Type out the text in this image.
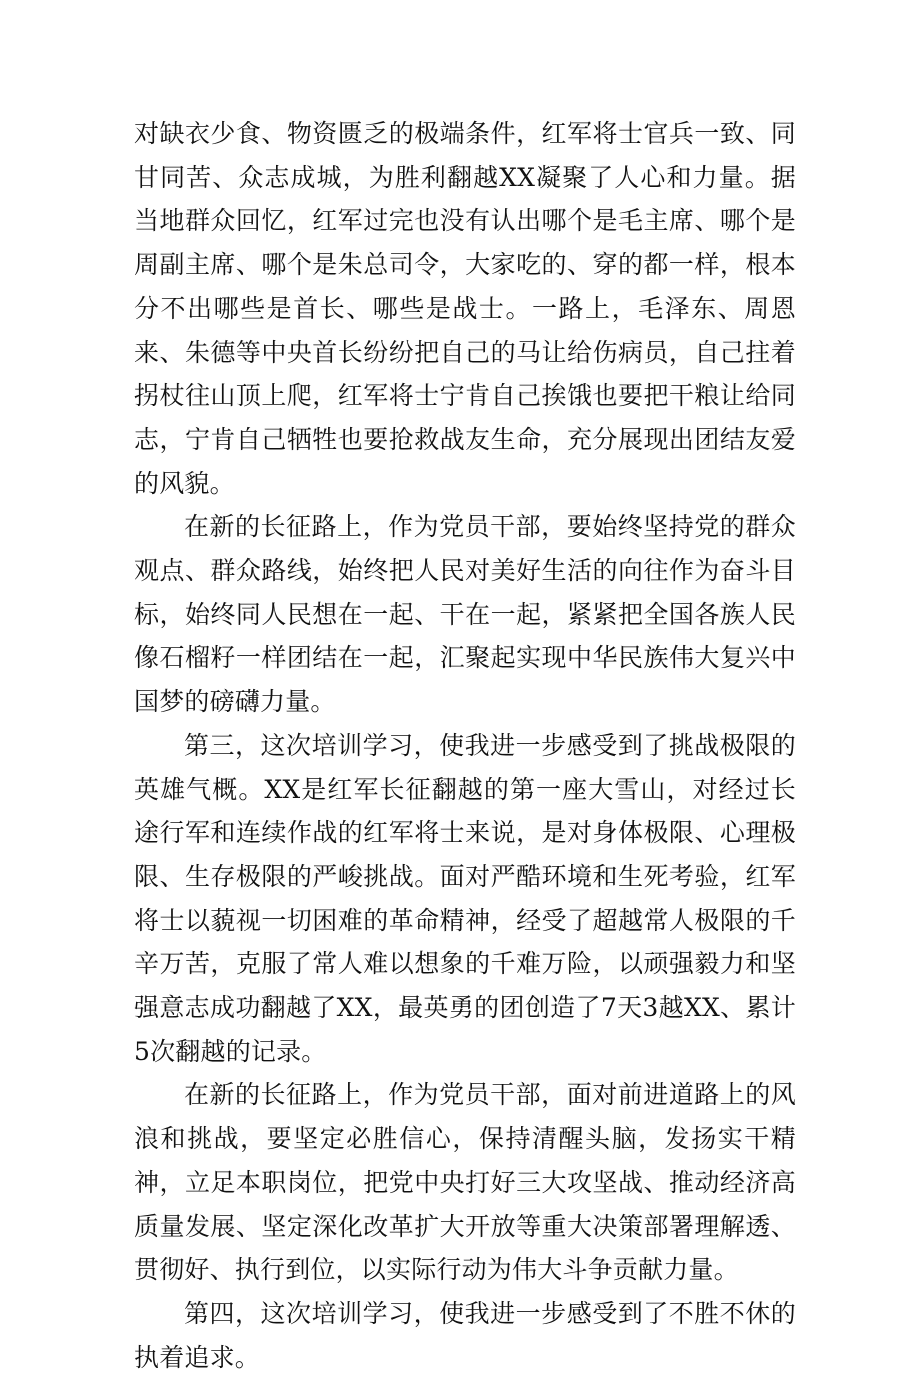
对缺衣少食、物资匮乏的极端条件，红军将士官兵一致、同甘同苦、众志成城，为胜利翻越XX凝聚了人心和力量。据当地群众回忆，红军过完也没有认出哪个是毛主席、哪个是周副主席、哪个是朱总司令，大家吃的、穿的都一样，根本分不出哪些是首长、哪些是战士。一路上，毛泽东、周恩来、朱德等中央首长纷纷把自己的马让给伤病员，自己拄着拐杖往山顶上爬，红军将士宁肯自己挨饿也要把干粮让给同志，宁肯自己牺牲也要抢救战友生命，充分展现出团结友爱的风貌。

在新的长征路上，作为党员干部，要始终坚持党的群众观点、群众路线，始终把人民对美好生活的向往作为奋斗目标，始终同人民想在一起、干在一起，紧紧把全国各族人民像石榴籽一样团结在一起，汇聚起实现中华民族伟大复兴中国梦的磅礴力量。

第三，这次培训学习，使我进一步感受到了挑战极限的英雄气概。XX是红军长征翻越的第一座大雪山，对经过长途行军和连续作战的红军将士来说，是对身体极限、心理极限、生存极限的严峻挑战。面对严酷环境和生死考验，红军将士以藐视一切困难的革命精神，经受了超越常人极限的千辛万苦，克服了常人难以想象的千难万险，以顽强毅力和坚强意志成功翻越了XX，最英勇的团创造了7天3越XX、累计5次翻越的记录。

在新的长征路上，作为党员干部，面对前进道路上的风浪和挑战，要坚定必胜信心，保持清醒头脑，发扬实干精神，立足本职岗位，把党中央打好三大攻坚战、推动经济高质量发展、坚定深化改革扩大开放等重大决策部署理解透、贯彻好、执行到位，以实际行动为伟大斗争贡献力量。

第四，这次培训学习，使我进一步感受到了不胜不休的执着追求。
